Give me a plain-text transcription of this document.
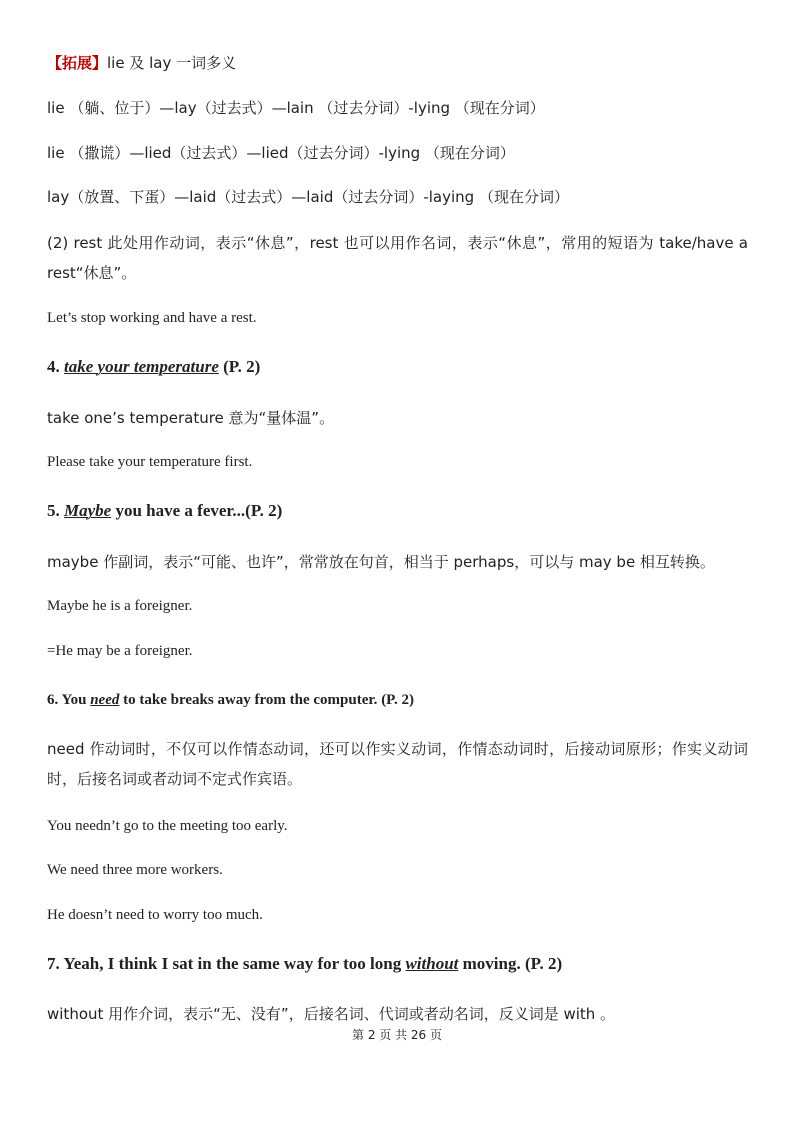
【拓展】lie 及 lay 一词多义
lie （躺、位于）—lay（过去式）—lain （过去分词）-lying （现在分词）
lie （撒谎）—lied（过去式）—lied（过去分词）-lying （现在分词）
lay（放置、下蛋）—laid（过去式）—laid（过去分词）-laying （现在分词）
(2) rest 此处用作动词，表示“休息”，rest 也可以用作名词，表示“休息”，常用的短语为 take/have a rest“休息”。
Let’s stop working and have a rest.
4. take your temperature (P. 2)
take one’s temperature 意为“量体温”。
Please take your temperature first.
5. Maybe you have a fever...(P. 2)
maybe 作副词，表示“可能、也许”，常常放在句首，相当于 perhaps，可以与 may be 相互转换。
Maybe he is a foreigner.
=He may be a foreigner.
6. You need to take breaks away from the computer. (P. 2)
need 作动词时，不仅可以作情态动词，还可以作实义动词，作情态动词时，后接动词原形；作实义动词时，后接名词或者动词不定式作宾语。
You needn’t go to the meeting too early.
We need three more workers.
He doesn’t need to worry too much.
7. Yeah, I think I sat in the same way for too long without moving. (P. 2)
without 用作介词，表示“无、没有”，后接名词、代词或者动名词，反义词是 with 。
第 2 页 共 26 页
